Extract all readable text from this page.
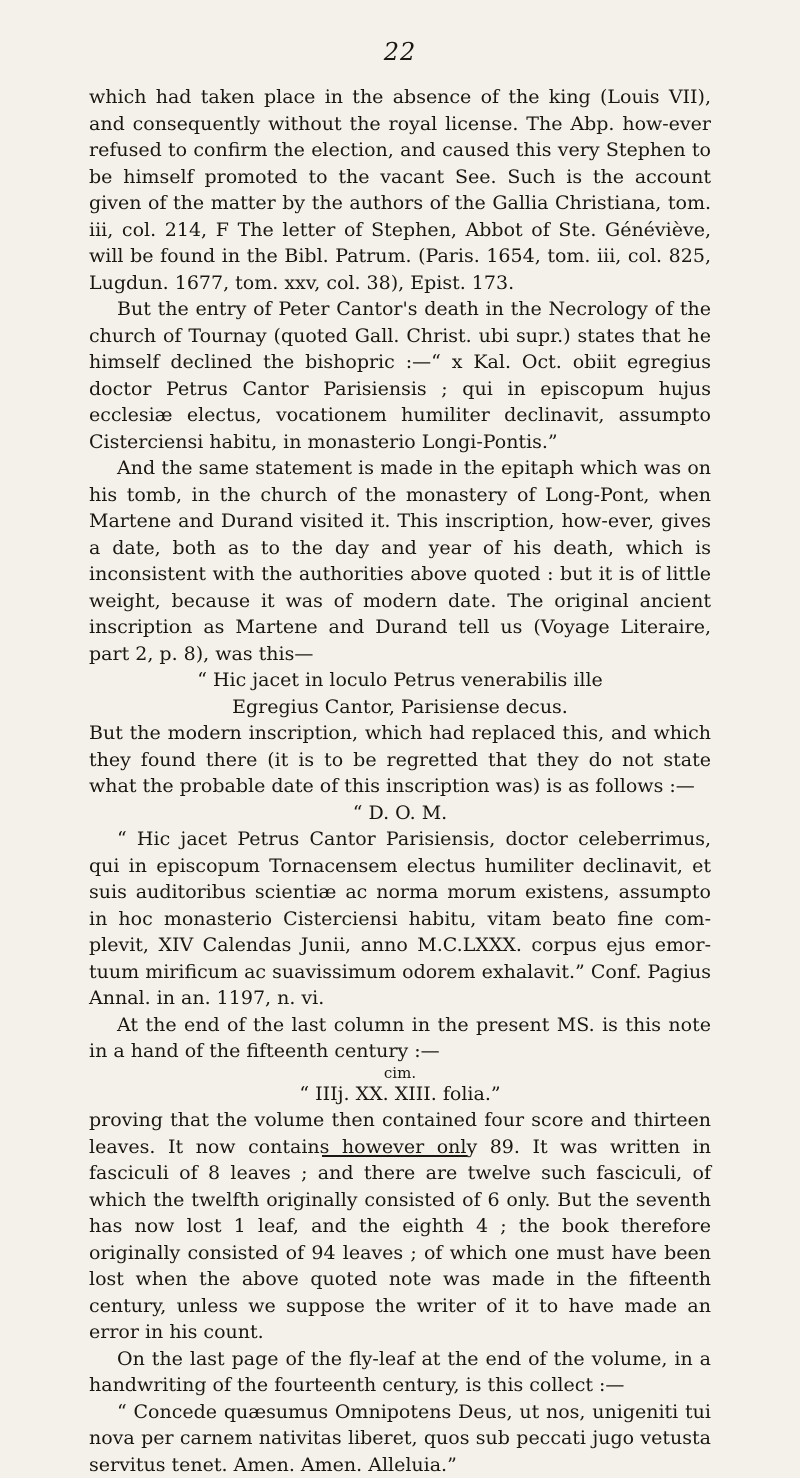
22

which had taken place in the absence of the king (Louis VII), and consequently without the royal license. The Abp. how-ever refused to confirm the election, and caused this very Stephen to be himself promoted to the vacant See. Such is the account given of the matter by the authors of the Gallia Christiana, tom. iii, col. 214, F The letter of Stephen, Abbot of Ste. Généviève, will be found in the Bibl. Patrum. (Paris. 1654, tom. iii, col. 825, Lugdun. 1677, tom. xxv, col. 38), Epist. 173.

But the entry of Peter Cantor's death in the Necrology of the church of Tournay (quoted Gall. Christ. ubi supr.) states that he himself declined the bishopric :—“ x Kal. Oct. obiit egregius doctor Petrus Cantor Parisiensis ; qui in episcopum hujus ecclesiæ electus, vocationem humiliter declinavit, assumpto Cisterciensi habitu, in monasterio Longi-Pontis.”

And the same statement is made in the epitaph which was on his tomb, in the church of the monastery of Long-Pont, when Martene and Durand visited it. This inscription, how-ever, gives a date, both as to the day and year of his death, which is inconsistent with the authorities above quoted : but it is of little weight, because it was of modern date. The original ancient inscription as Martene and Durand tell us (Voyage Literaire, part 2, p. 8), was this—

“ Hic jacet in loculo Petrus venerabilis ille
Egregius Cantor, Parisiense decus.

But the modern inscription, which had replaced this, and which they found there (it is to be regretted that they do not state what the probable date of this inscription was) is as follows :—

“ D. O. M.

“ Hic jacet Petrus Cantor Parisiensis, doctor celeberrimus, qui in episcopum Tornacensem electus humiliter declinavit, et suis auditoribus scientiæ ac norma morum existens, assumpto in hoc monasterio Cisterciensi habitu, vitam beato fine com-plevit, XIV Calendas Junii, anno M.C.LXXX. corpus ejus emor-tuum mirificum ac suavissimum odorem exhalavit.” Conf. Pagius Annal. in an. 1197, n. vi.

At the end of the last column in the present MS. is this note in a hand of the fifteenth century :—

cim.
“ IIIj. XX. XIII. folia.”

proving that the volume then contained four score and thirteen leaves. It now contains however only 89. It was written in fasciculi of 8 leaves ; and there are twelve such fasciculi, of which the twelfth originally consisted of 6 only. But the seventh has now lost 1 leaf, and the eighth 4 ; the book therefore originally consisted of 94 leaves ; of which one must have been lost when the above quoted note was made in the fifteenth century, unless we suppose the writer of it to have made an error in his count.

On the last page of the fly-leaf at the end of the volume, in a handwriting of the fourteenth century, is this collect :—

“ Concede quæsumus Omnipotens Deus, ut nos, unigeniti tui nova per carnem nativitas liberet, quos sub peccati jugo vetusta servitus tenet. Amen. Amen. Alleluia.”
